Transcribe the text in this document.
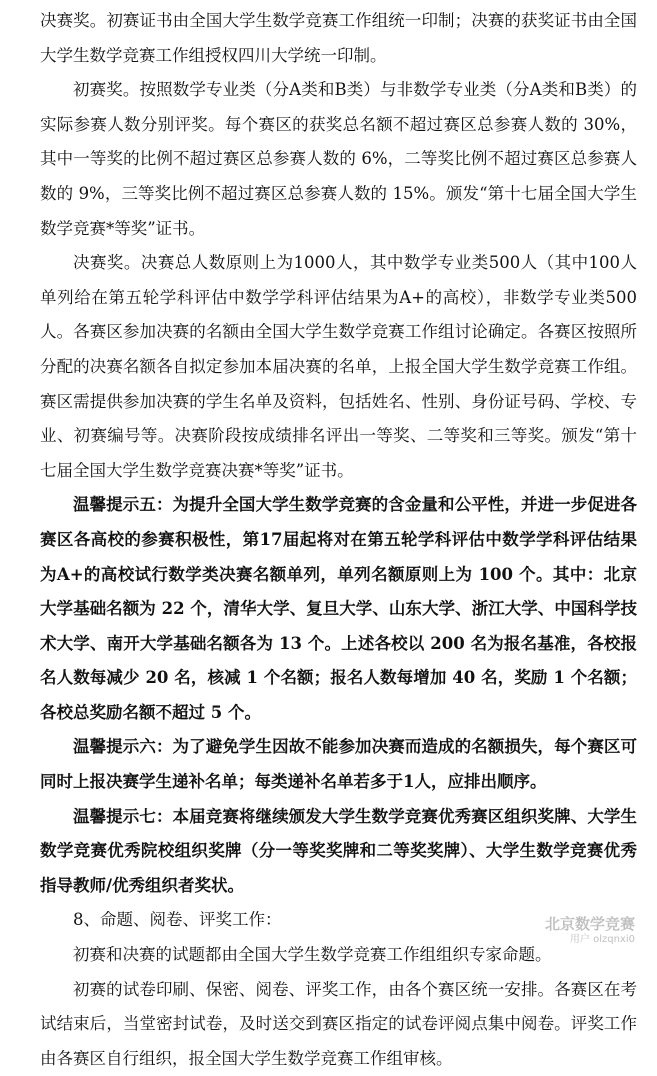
决赛奖。初赛证书由全国大学生数学竞赛工作组统一印制；决赛的获奖证书由全国大学生数学竞赛工作组授权四川大学统一印制。

初赛奖。按照数学专业类（分A类和B类）与非数学专业类（分A类和B类）的实际参赛人数分别评奖。每个赛区的获奖总名额不超过赛区总参赛人数的 30%，其中一等奖的比例不超过赛区总参赛人数的 6%，二等奖比例不超过赛区总参赛人数的 9%，三等奖比例不超过赛区总参赛人数的 15%。颁发“第十七届全国大学生数学竞赛*等奖”证书。

决赛奖。决赛总人数原则上为1000人，其中数学专业类500人（其中100人单列给在第五轮学科评估中数学学科评估结果为A+的高校），非数学专业类500人。各赛区参加决赛的名额由全国大学生数学竞赛工作组讨论确定。各赛区按照所分配的决赛名额各自拟定参加本届决赛的名单，上报全国大学生数学竞赛工作组。赛区需提供参加决赛的学生名单及资料，包括姓名、性别、身份证号码、学校、专业、初赛编号等。决赛阶段按成绩排名评出一等奖、二等奖和三等奖。颁发“第十七届全国大学生数学竞赛决赛*等奖”证书。

温馨提示五：为提升全国大学生数学竞赛的含金量和公平性，并进一步促进各赛区各高校的参赛积极性，第17届起将对在第五轮学科评估中数学学科评估结果为A+的高校试行数学类决赛名额单列，单列名额原则上为 100 个。其中：北京大学基础名额为 22 个，清华大学、复旦大学、山东大学、浙江大学、中国科学技术大学、南开大学基础名额各为 13 个。上述各校以 200 名为报名基准，各校报名人数每减少 20 名，核减 1 个名额；报名人数每增加 40 名，奖励 1 个名额；各校总奖励名额不超过 5 个。

温馨提示六：为了避免学生因故不能参加决赛而造成的名额损失，每个赛区可同时上报决赛学生递补名单；每类递补名单若多于1人，应排出顺序。

温馨提示七：本届竞赛将继续颁发大学生数学竞赛优秀赛区组织奖牌、大学生数学竞赛优秀院校组织奖牌（分一等奖奖牌和二等奖奖牌）、大学生数学竞赛优秀指导教师/优秀组织者奖状。

8、命题、阅卷、评奖工作：

初赛和决赛的试题都由全国大学生数学竞赛工作组组织专家命题。

初赛的试卷印刷、保密、阅卷、评奖工作，由各个赛区统一安排。各赛区在考试结束后，当堂密封试卷，及时送交到赛区指定的试卷评阅点集中阅卷。评奖工作由各赛区自行组织，报全国大学生数学竞赛工作组审核。

北京数学竞赛
用户 olzqnxi0
